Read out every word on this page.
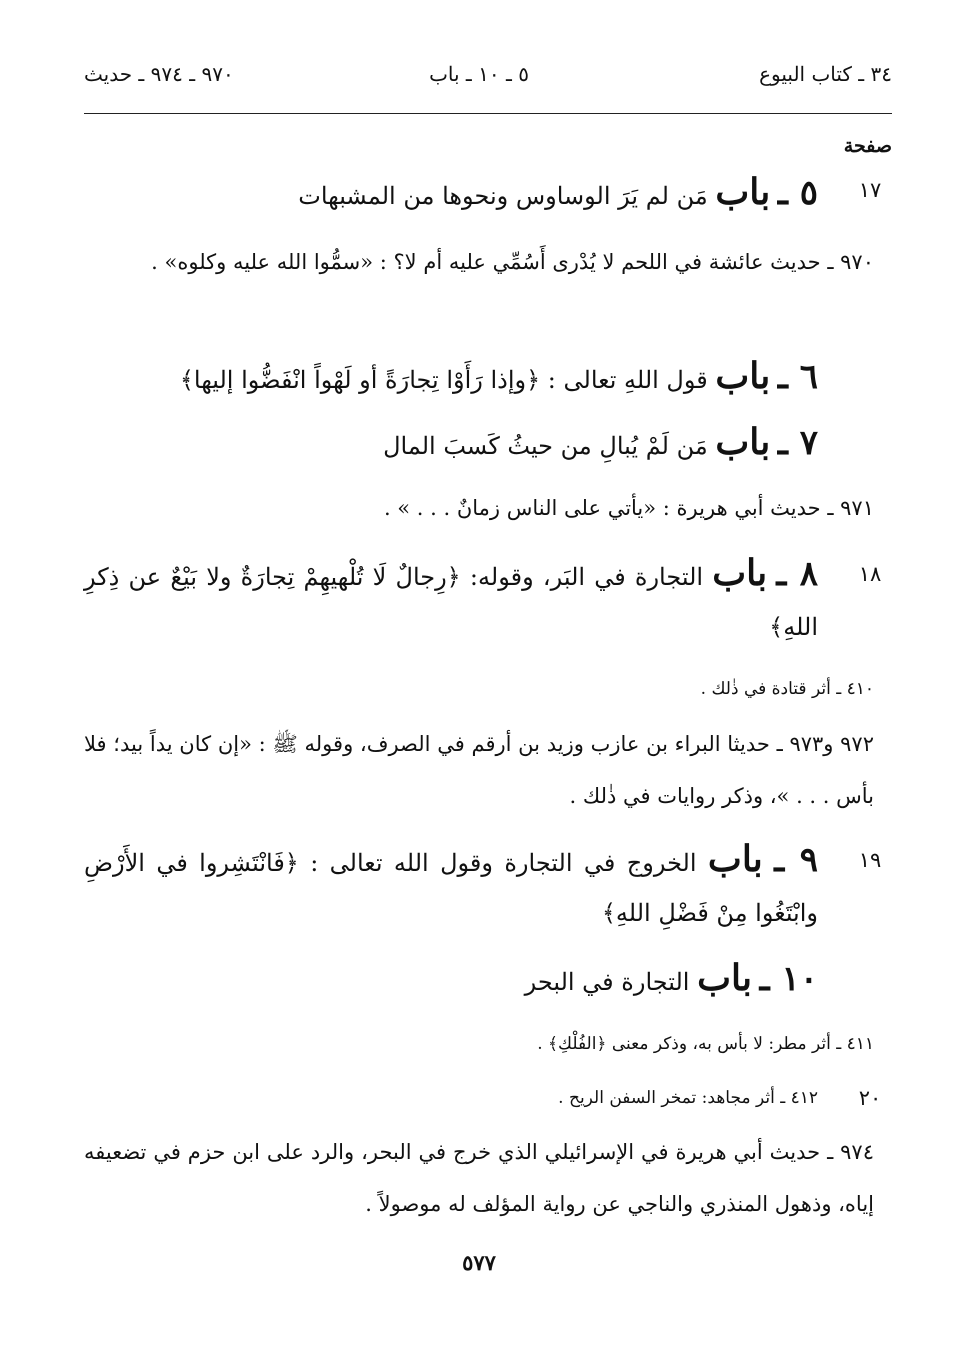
٣٤ ـ كتاب البيوع
٥ ـ ١٠ ـ باب
٩٧٠ ـ ٩٧٤ ـ حديث
صفحة
١٧
١٨
١٩
٢٠
٥ ـ باب مَن لم يَرَ الوساوس ونحوها من المشبهات
٩٧٠ ـ حديث عائشة في اللحم لا يُدْرى أَسُمِّي عليه أم لا؟ : «سمُّوا الله عليه وكلوه» .
٦ ـ باب قول اللهِ تعالى : ﴿وإذا رَأَوْا تِجارَةً أو لَهْواً انْفَضُّوا إليها﴾
٧ ـ باب مَن لَمْ يُبالِ من حيثُ كَسبَ المال
٩٧١ ـ حديث أبي هريرة : «يأتي على الناس زمانٌ . . . » .
٨ ـ باب التجارة في البَر، وقوله: ﴿رِجالٌ لَا تُلْهيهِمْ تِجارَةٌ ولا بَيْعٌ عن ذِكرِ اللهِ﴾
٤١٠ ـ أثر قتادة في ذٰلك .
٩٧٢ و٩٧٣ ـ حديثا البراء بن عازب وزيد بن أرقم في الصرف، وقوله ﷺ : «إن كان يداً بيد؛ فلا بأس . . . »، وذكر روايات في ذٰلك .
٩ ـ باب الخروج في التجارة وقول الله تعالى : ﴿فَانْتَشِروا في الأَرْضِ وابْتَغُوا مِنْ فَضْلِ اللهِ﴾
١٠ ـ باب التجارة في البحر
٤١١ ـ أثر مطر: لا بأس به، وذكر معنى ﴿الفُلْكِ﴾ .
٤١٢ ـ أثر مجاهد: تمخر السفن الريح .
٩٧٤ ـ حديث أبي هريرة في الإسرائيلي الذي خرج في البحر، والرد على ابن حزم في تضعيفه إياه، وذهول المنذري والناجي عن رواية المؤلف له موصولاً .
٥٧٧
